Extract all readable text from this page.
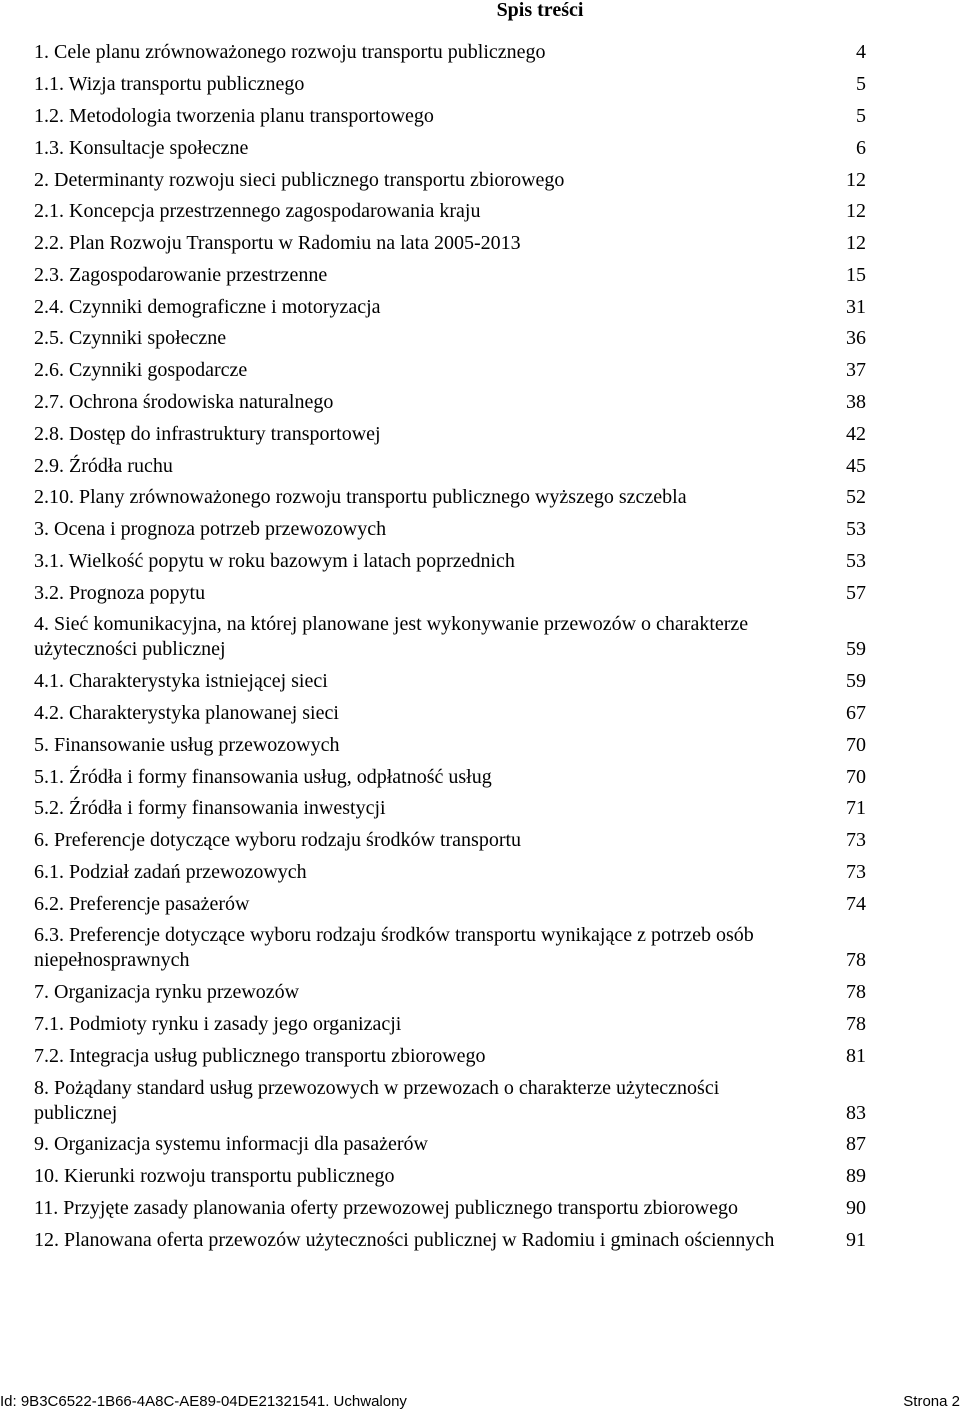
Spis treści
1. Cele planu zrównoważonego rozwoju transportu publicznego	4
1.1. Wizja transportu publicznego	5
1.2. Metodologia tworzenia planu transportowego	5
1.3. Konsultacje społeczne	6
2. Determinanty rozwoju sieci publicznego transportu zbiorowego	12
2.1. Koncepcja przestrzennego zagospodarowania kraju	12
2.2. Plan Rozwoju Transportu w Radomiu na lata 2005-2013	12
2.3. Zagospodarowanie przestrzenne	15
2.4. Czynniki demograficzne i motoryzacja	31
2.5. Czynniki społeczne	36
2.6. Czynniki gospodarcze	37
2.7. Ochrona środowiska naturalnego	38
2.8. Dostęp do infrastruktury transportowej	42
2.9. Źródła ruchu	45
2.10. Plany zrównoważonego rozwoju transportu publicznego wyższego szczebla	52
3. Ocena i prognoza potrzeb przewozowych	53
3.1. Wielkość popytu w roku bazowym i latach poprzednich	53
3.2. Prognoza popytu	57
4. Sieć komunikacyjna, na której planowane jest wykonywanie przewozów o charakterze użyteczności publicznej	59
4.1. Charakterystyka istniejącej sieci	59
4.2. Charakterystyka planowanej sieci	67
5. Finansowanie usług przewozowych	70
5.1. Źródła i formy finansowania usług, odpłatność usług	70
5.2. Źródła i formy finansowania inwestycji	71
6. Preferencje dotyczące wyboru rodzaju środków transportu	73
6.1. Podział zadań przewozowych	73
6.2. Preferencje pasażerów	74
6.3. Preferencje dotyczące wyboru rodzaju środków transportu wynikające z potrzeb osób niepełnosprawnych	78
7. Organizacja rynku przewozów	78
7.1. Podmioty rynku i zasady jego organizacji	78
7.2. Integracja usług publicznego transportu zbiorowego	81
8. Pożądany standard usług przewozowych w przewozach o charakterze użyteczności publicznej	83
9. Organizacja systemu informacji dla pasażerów	87
10. Kierunki rozwoju transportu publicznego	89
11. Przyjęte zasady planowania oferty przewozowej publicznego transportu zbiorowego	90
12. Planowana oferta przewozów użyteczności publicznej w Radomiu i gminach ościennych	91
Id: 9B3C6522-1B66-4A8C-AE89-04DE21321541. Uchwalony	Strona 2
